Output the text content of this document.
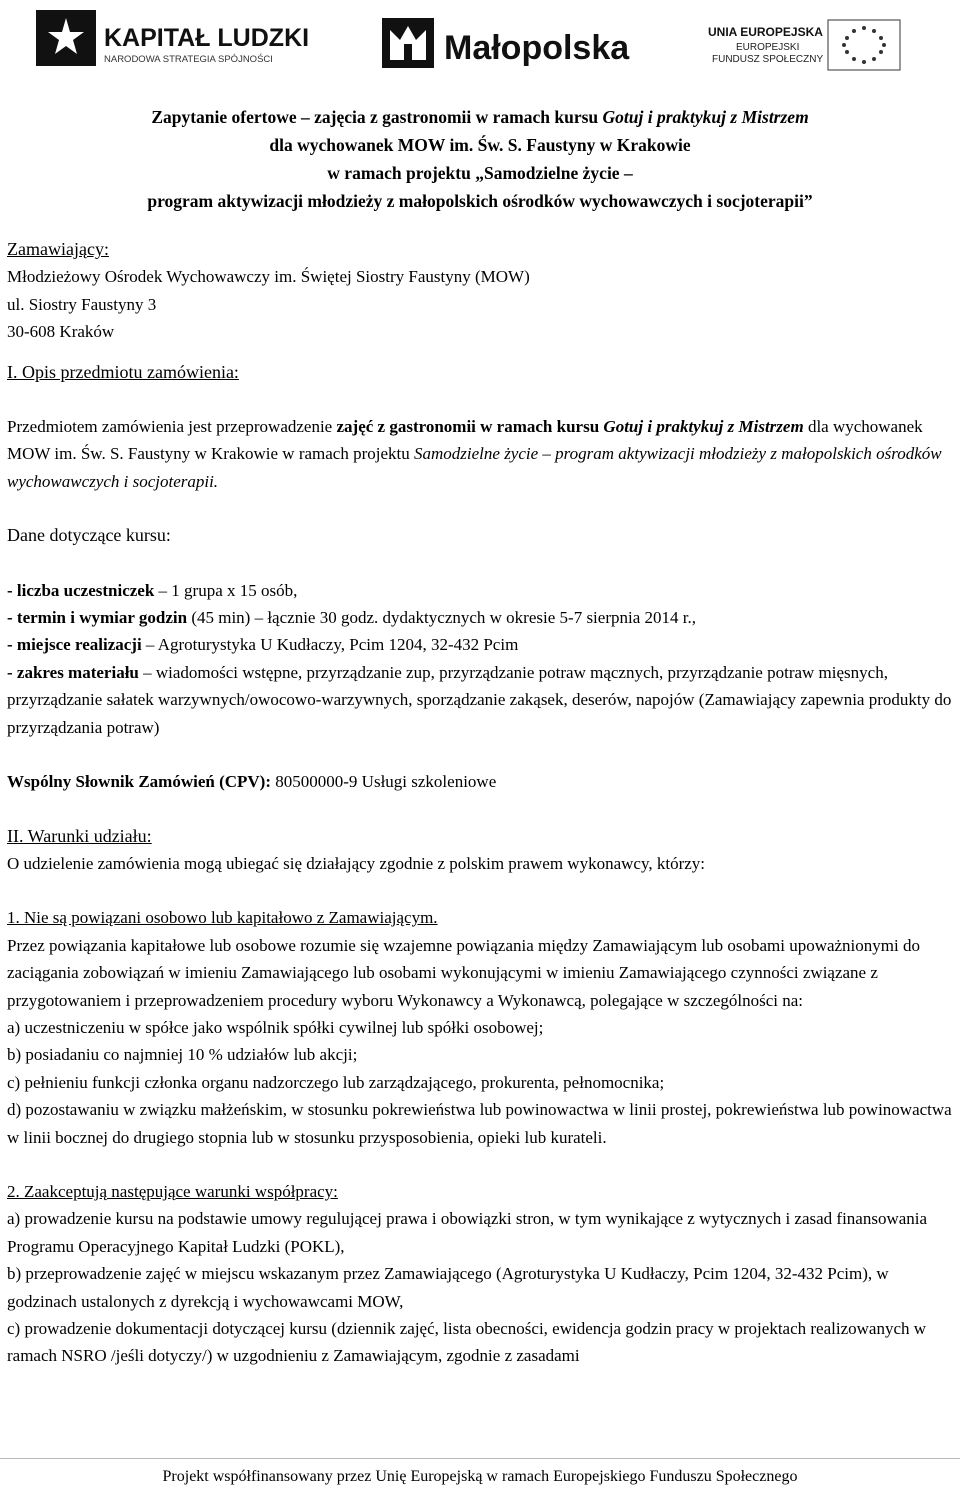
KAPITAŁ LUDZKI
NARODOWA STRATEGIA SPÓJNOŚCI	Małopolska	UNIA EUROPEJSKA
EUROPEJSKI
FUNDUSZ SPOŁECZNY
Zapytanie ofertowe – zajęcia z gastronomii w ramach kursu Gotuj i praktykuj z Mistrzem
dla wychowanek MOW im. Św. S. Faustyny w Krakowie
w ramach projektu „Samodzielne życie –
program aktywizacji młodzieży z małopolskich ośrodków wychowawczych i socjoterapii”

Zamawiający:

Młodzieżowy Ośrodek Wychowawczy im. Świętej Siostry Faustyny (MOW)

ul. Siostry Faustyny 3

30-608 Kraków

I. Opis przedmiotu zamówienia:

Przedmiotem zamówienia jest przeprowadzenie zajęć z gastronomii w ramach kursu Gotuj i praktykuj z Mistrzem dla wychowanek MOW im. Św. S. Faustyny w Krakowie w ramach projektu Samodzielne życie – program aktywizacji młodzieży z małopolskich ośrodków wychowawczych i socjoterapii.

Dane dotyczące kursu:

- liczba uczestniczek – 1 grupa x 15 osób,

- termin i wymiar godzin (45 min) – łącznie 30 godz. dydaktycznych w okresie 5-7 sierpnia 2014 r.,

- miejsce realizacji – Agroturystyka U Kudłaczy, Pcim 1204, 32-432 Pcim

- zakres materiału – wiadomości wstępne, przyrządzanie zup, przyrządzanie potraw mącznych, przyrządzanie potraw mięsnych, przyrządzanie sałatek warzywnych/owocowo-warzywnych, sporządzanie zakąsek, deserów, napojów (Zamawiający zapewnia produkty do przyrządzania potraw)

Wspólny Słownik Zamówień (CPV): 80500000-9 Usługi szkoleniowe

II. Warunki udziału:

O udzielenie zamówienia mogą ubiegać się działający zgodnie z polskim prawem wykonawcy, którzy:

1. Nie są powiązani osobowo lub kapitałowo z Zamawiającym.

Przez powiązania kapitałowe lub osobowe rozumie się wzajemne powiązania między Zamawiającym lub osobami upoważnionymi do zaciągania zobowiązań w imieniu Zamawiającego lub osobami wykonującymi w imieniu Zamawiającego czynności związane z przygotowaniem i przeprowadzeniem procedury wyboru Wykonawcy a Wykonawcą, polegające w szczególności na:

a) uczestniczeniu w spółce jako wspólnik spółki cywilnej lub spółki osobowej;

b) posiadaniu co najmniej 10 % udziałów lub akcji;

c) pełnieniu funkcji członka organu nadzorczego lub zarządzającego, prokurenta, pełnomocnika;

d) pozostawaniu w związku małżeńskim, w stosunku pokrewieństwa lub powinowactwa w linii prostej, pokrewieństwa lub powinowactwa w linii bocznej do drugiego stopnia lub w stosunku przysposobienia, opieki lub kurateli.

2. Zaakceptują następujące warunki współpracy:

a) prowadzenie kursu na podstawie umowy regulującej prawa i obowiązki stron, w tym wynikające z wytycznych i zasad finansowania Programu Operacyjnego Kapitał Ludzki (POKL),

b) przeprowadzenie zajęć w miejscu wskazanym przez Zamawiającego (Agroturystyka U Kudłaczy, Pcim 1204, 32-432 Pcim), w godzinach ustalonych z dyrekcją i wychowawcami MOW,

c) prowadzenie dokumentacji dotyczącej kursu (dziennik zajęć, lista obecności, ewidencja godzin pracy w projektach realizowanych w ramach NSRO /jeśli dotyczy/) w uzgodnieniu z Zamawiającym, zgodnie z zasadami

Projekt współfinansowany przez Unię Europejską w ramach Europejskiego Funduszu Społecznego
